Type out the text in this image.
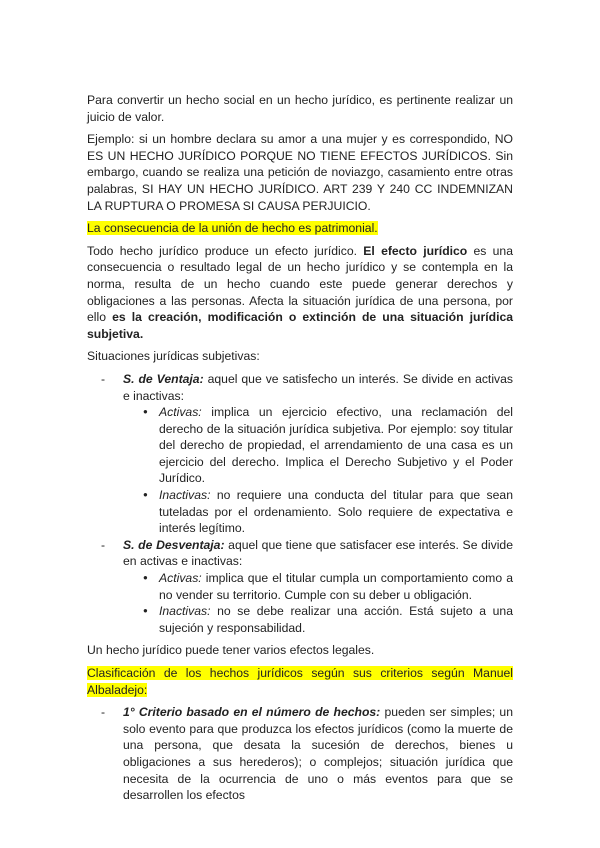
Para convertir un hecho social en un hecho jurídico, es pertinente realizar un juicio de valor.

Ejemplo: si un hombre declara su amor a una mujer y es correspondido, NO ES UN HECHO JURÍDICO PORQUE NO TIENE EFECTOS JURÍDICOS. Sin embargo, cuando se realiza una petición de noviazgo, casamiento entre otras palabras, SI HAY UN HECHO JURÍDICO. ART 239 Y 240 CC INDEMNIZAN LA RUPTURA O PROMESA SI CAUSA PERJUICIO.

La consecuencia de la unión de hecho es patrimonial.

Todo hecho jurídico produce un efecto jurídico. El efecto jurídico es una consecuencia o resultado legal de un hecho jurídico y se contempla en la norma, resulta de un hecho cuando este puede generar derechos y obligaciones a las personas. Afecta la situación jurídica de una persona, por ello es la creación, modificación o extinción de una situación jurídica subjetiva.

Situaciones jurídicas subjetivas:

- S. de Ventaja: aquel que ve satisfecho un interés. Se divide en activas e inactivas:
● Activas: implica un ejercicio efectivo, una reclamación del derecho de la situación jurídica subjetiva. Por ejemplo: soy titular del derecho de propiedad, el arrendamiento de una casa es un ejercicio del derecho. Implica el Derecho Subjetivo y el Poder Jurídico.
● Inactivas: no requiere una conducta del titular para que sean tuteladas por el ordenamiento. Solo requiere de expectativa e interés legítimo.
- S. de Desventaja: aquel que tiene que satisfacer ese interés. Se divide en activas e inactivas:
● Activas: implica que el titular cumpla un comportamiento como a no vender su territorio. Cumple con su deber u obligación.
● Inactivas: no se debe realizar una acción. Está sujeto a una sujeción y responsabilidad.

Un hecho jurídico puede tener varios efectos legales.

Clasificación de los hechos jurídicos según sus criterios según Manuel Albaladejo:

- 1° Criterio basado en el número de hechos: pueden ser simples; un solo evento para que produzca los efectos jurídicos (como la muerte de una persona, que desata la sucesión de derechos, bienes u obligaciones a sus herederos); o complejos; situación jurídica que necesita de la ocurrencia de uno o más eventos para que se desarrollen los efectos
